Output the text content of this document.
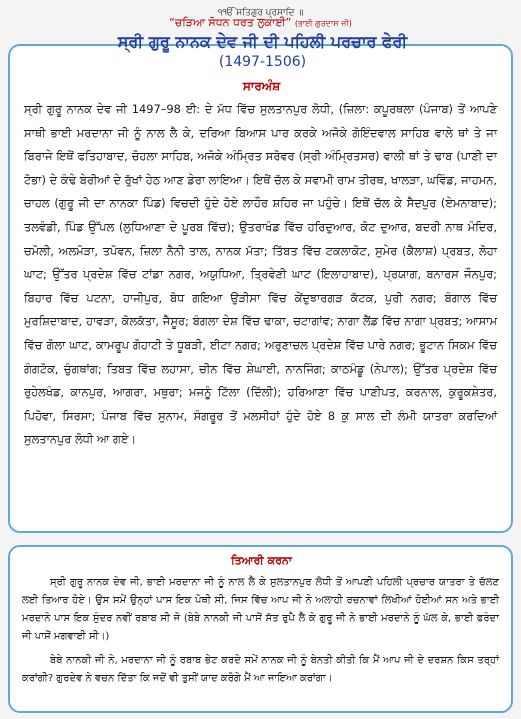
੧ੴ ਸਤਿਗੁਰ ਪ੍ਰਸਾਦਿ ॥
“ਚੜਿਆ ਸੋਧਨ ਧਰਤ ਲੁਕਾਈ” (ਭਾਈ ਗੁਰਦਾਸ ਜੀ)
ਸ੍ਰੀ ਗੁਰੂ ਨਾਨਕ ਦੇਵ ਜੀ ਦੀ ਪਹਿਲੀ ਪਰਚਾਰ ਫੇਰੀ
(1497-1506)
ਸਾਰਅੰਸ਼
ਸ੍ਰੀ ਗੁਰੂ ਨਾਨਕ ਦੇਵ ਜੀ 1497–98 ਈ: ਦੇ ਮੱਧ ਵਿੱਚ ਸੁਲਤਾਨਪੁਰ ਲੋਧੀ, (ਜ਼ਿਲਾ: ਕਪੂਰਥਲਾ (ਪੰਜਾਬ) ਤੋਂ ਆਪਣੇ ਸਾਥੀ ਭਾਈ ਮਰਦਾਨਾ ਜੀ ਨੂੰ ਨਾਲ ਲੈ ਕੇ, ਦਰਿਆ ਬਿਆਸ ਪਾਰ ਕਰਕੇ ਅਜੋਕੇ ਗੋਇੰਦਵਾਲ ਸਾਹਿਬ ਵਾਲੇ ਥਾਂ ਤੇ ਜਾ ਬਿਰਾਜੇ ਇਥੋਂ ਫਤਿਹਾਬਾਦ, ਚੋਹਲਾ ਸਾਹਿਬ, ਅਜੋਕੇ ਅੰਮ੍ਰਿਤ ਸਰੋਵਰ (ਸ੍ਰੀ ਅੰਮ੍ਰਿਤਸਰ) ਵਾਲੀ ਥਾਂ ਤੇ ਢਾਬ (ਪਾਣੀ ਦਾ ਟੋਭਾ) ਦੇ ਕੰਢੇ ਬੇਰੀਆਂ ਦੇ ਰੁੱਖਾਂ ਹੇਠ ਆਣ ਡੇਰਾ ਲਾਇਆ। ਇਥੋਂ ਚੱਲ ਕੇ ਸਵਾਮੀ ਰਾਮ ਤੀਰਥ, ਖਾਲੜਾ, ਘਵਿੰਡ, ਜਾਹਮਨ, ਚਾਹਲ (ਗੁਰੂ ਜੀ ਦਾ ਨਾਨਕਾ ਪਿੰਡ) ਵਿਚਦੀ ਹੁੰਦੇ ਹੋਏ ਲਾਹੌਰ ਸ਼ਹਿਰ ਜਾ ਪਹੁੰਚੇ। ਇਥੋਂ ਚੱਲ ਕੇ ਸੈਦਪੁਰ (ਏਮਨਾਬਾਦ); ਤਲਵੰਡੀ, ਪਿੰਡ ਉੱਪਲ (ਲੁਧਿਆਣਾ ਦੇ ਪੂਰਬ ਵਿੱਚ); ਉਤਰਾਖੰਡ ਵਿੱਚ ਹਰਿਦੁਆਰ, ਕੋਟ ਦੁਆਰ, ਬਦਰੀ ਨਾਥ ਮੰਦਿਰ, ਚਮੋਲੀ, ਅਲਮੋੜਾ, ਤਪੋਵਨ, ਜ਼ਿਲਾ ਨੈਨੀ ਤਾਲ, ਨਾਨਕ ਮੱਤਾ; ਤਿੱਬਤ ਵਿੱਚ ਟਕਲਾਕੋਟ, ਸੁਮੇਰ (ਕੈਲਾਸ਼) ਪ੍ਰਬਤ, ਲੋਹਾ ਘਾਟ; ਉੱਤਰ ਪ੍ਰਦੇਸ਼ ਵਿੱਚ ਟਾਂਡਾ ਨਗਰ, ਅਯੁਧਿਆ, ਤ੍ਰਿਵੇਣੀ ਘਾਟ (ਇਲਾਹਾਬਾਦ), ਪ੍ਰਯਾਗ, ਬਨਾਰਸ ਜੌਨਪੁਰ; ਬਿਹਾਰ ਵਿੱਚ ਪਟਨਾ, ਹਾਜੀਪੁਰ, ਬੋਧ ਗਇਆ ਉੜੀਸਾ ਵਿੱਚ ਕੇਂਦੁਝਾਰਗੜ ਕੱਟਕ, ਪੁਰੀ ਨਗਰ; ਬੰਗਾਲ ਵਿੱਚ ਮੁਰਸ਼ਿਦਾਬਾਦ, ਹਾਵੜਾ, ਕੋਲਕੱਤਾ, ਜੈਸੂਰ; ਬੰਗਲਾ ਦੇਸ਼ ਵਿੱਚ ਢਾਕਾ, ਚਟਾਗਾਂਵ; ਨਾਗਾ ਲੈਂਡ ਵਿੱਚ ਨਾਗਾ ਪ੍ਰਬਤ; ਆਸਾਮ ਵਿੱਚ ਗੋਲਾ ਘਾਟ, ਕਾਮਰੂਪ ਗੋਹਾਟੀ ਤੇ ਧੂਬੜੀ, ਈਟਾ ਨਗਰ; ਅਰੁਣਾਚਲ ਪ੍ਰਦੇਸ਼ ਵਿੱਚ ਪਾਰੇ ਨਗਰ; ਭੂਟਾਨ ਸਿਕਮ ਵਿੱਚ ਗੰਗਟੋਕ, ਚੁੰਗਥਾਂਗ; ਤਿਬਤ ਵਿੱਚ ਲਹਾਸਾ, ਚੀਨ ਵਿੱਚ ਸ਼ੇਘਾਈ, ਨਾਨਜਿੰਗ; ਕਾਠਮੰਡੂ (ਨੇਪਾਲ); ਉੱਤਰ ਪ੍ਰਦੇਸ਼ ਵਿੱਚ ਰੁਹੇਲਖੰਡ, ਕਾਨਪੁਰ, ਆਗਰਾ, ਮਥੁਰਾ; ਮਜਨੂੰ ਟਿੱਲਾ (ਦਿੱਲੀ); ਹਰਿਆਣਾ ਵਿੱਚ ਪਾਣੀਪਤ, ਕਰਨਾਲ, ਕੁਰੂਕਸ਼ੇਤਰ, ਪਿਹੋਵਾ, ਸਿਰਸਾ; ਪੰਜਾਬ ਵਿੱਚ ਸੁਨਾਮ, ਸੰਗਰੂਰ ਤੋਂ ਮਲਸੀਹਾਂ ਹੁੰਦੇ ਹੋਏ 8 ਕੁ ਸਾਲ ਦੀ ਲੰਮੀ ਯਾਤਰਾ ਕਰਦਿਆਂ ਸੁਲਤਾਨਪੁਰ ਲੋਧੀ ਆ ਗਏ।
ਤਿਆਰੀ ਕਰਨਾ

ਸ੍ਰੀ ਗੁਰੂ ਨਾਨਕ ਦੇਵ ਜੀ, ਭਾਈ ਮਰਦਾਨਾ ਜੀ ਨੂੰ ਨਾਲ ਲੈ ਕੇ ਸੁਲਤਾਨਪੁਰ ਲੋਧੀ ਤੋਂ ਆਪਣੀ ਪਹਿਲੀ ਪ੍ਰਚਾਰ ਯਾਤਰਾ ਤੇ ਚੱਲਣ ਲਈ ਤਿਆਰ ਹੋਏ। ਉਸ ਸਮੇਂ ਉਨ੍ਹਾਂ ਪਾਸ ਇਕ ਪੋਥੀ ਸੀ, ਜਿਸ ਵਿੱਚ ਆਪ ਜੀ ਨੇ ਅਲਾਹੀ ਰਚਨਾਵਾਂ ਲਿਖੀਆਂ ਹੋਈਆਂ ਸਨ ਅਤੇ ਭਾਈ ਮਰਦਾਨੇ ਪਾਸ ਇਕ ਸੁੰਦਰ ਨਵੀਂ ਰਬਾਬ ਸੀ ਜੋ (ਬੇਬੇ ਨਾਨਕੀ ਜੀ ਪਾਸੋਂ ਸੱਤ ਰੁਪੈ ਲੈ ਕੇ ਗੁਰੂ ਜੀ ਨੇ ਭਾਈ ਮਰਦਾਨੇ ਨੂੰ ਘੱਲ ਕੇ, ਭਾਈ ਫਰੰਦਾ ਜੀ ਪਾਸੋਂ ਮਗਵਾਈ ਸੀ।)

ਬੇਬੇ ਨਾਨਕੀ ਜੀ ਨੇ, ਮਰਦਾਨਾ ਜੀ ਨੂੰ ਰਬਾਬ ਭੇਟ ਕਰਦੇ ਸਮੇਂ ਨਾਨਕ ਜੀ ਨੂੰ ਬੇਨਤੀ ਕੀਤੀ ਕਿ ਮੈਂ ਆਪ ਜੀ ਦੇ ਦਰਸ਼ਨ ਕਿਸ ਤਰ੍ਹਾਂ ਕਰਾਂਗੀ? ਗੁਰਦੇਵ ਨੇ ਵਚਨ ਦਿੱਤਾ ਕਿ ਜਦੋਂ ਵੀ ਤੁਸੀਂ ਯਾਦ ਕਰੋਗੇ ਮੈਂ ਆ ਜਾਇਆ ਕਰਾਂਗਾ।
